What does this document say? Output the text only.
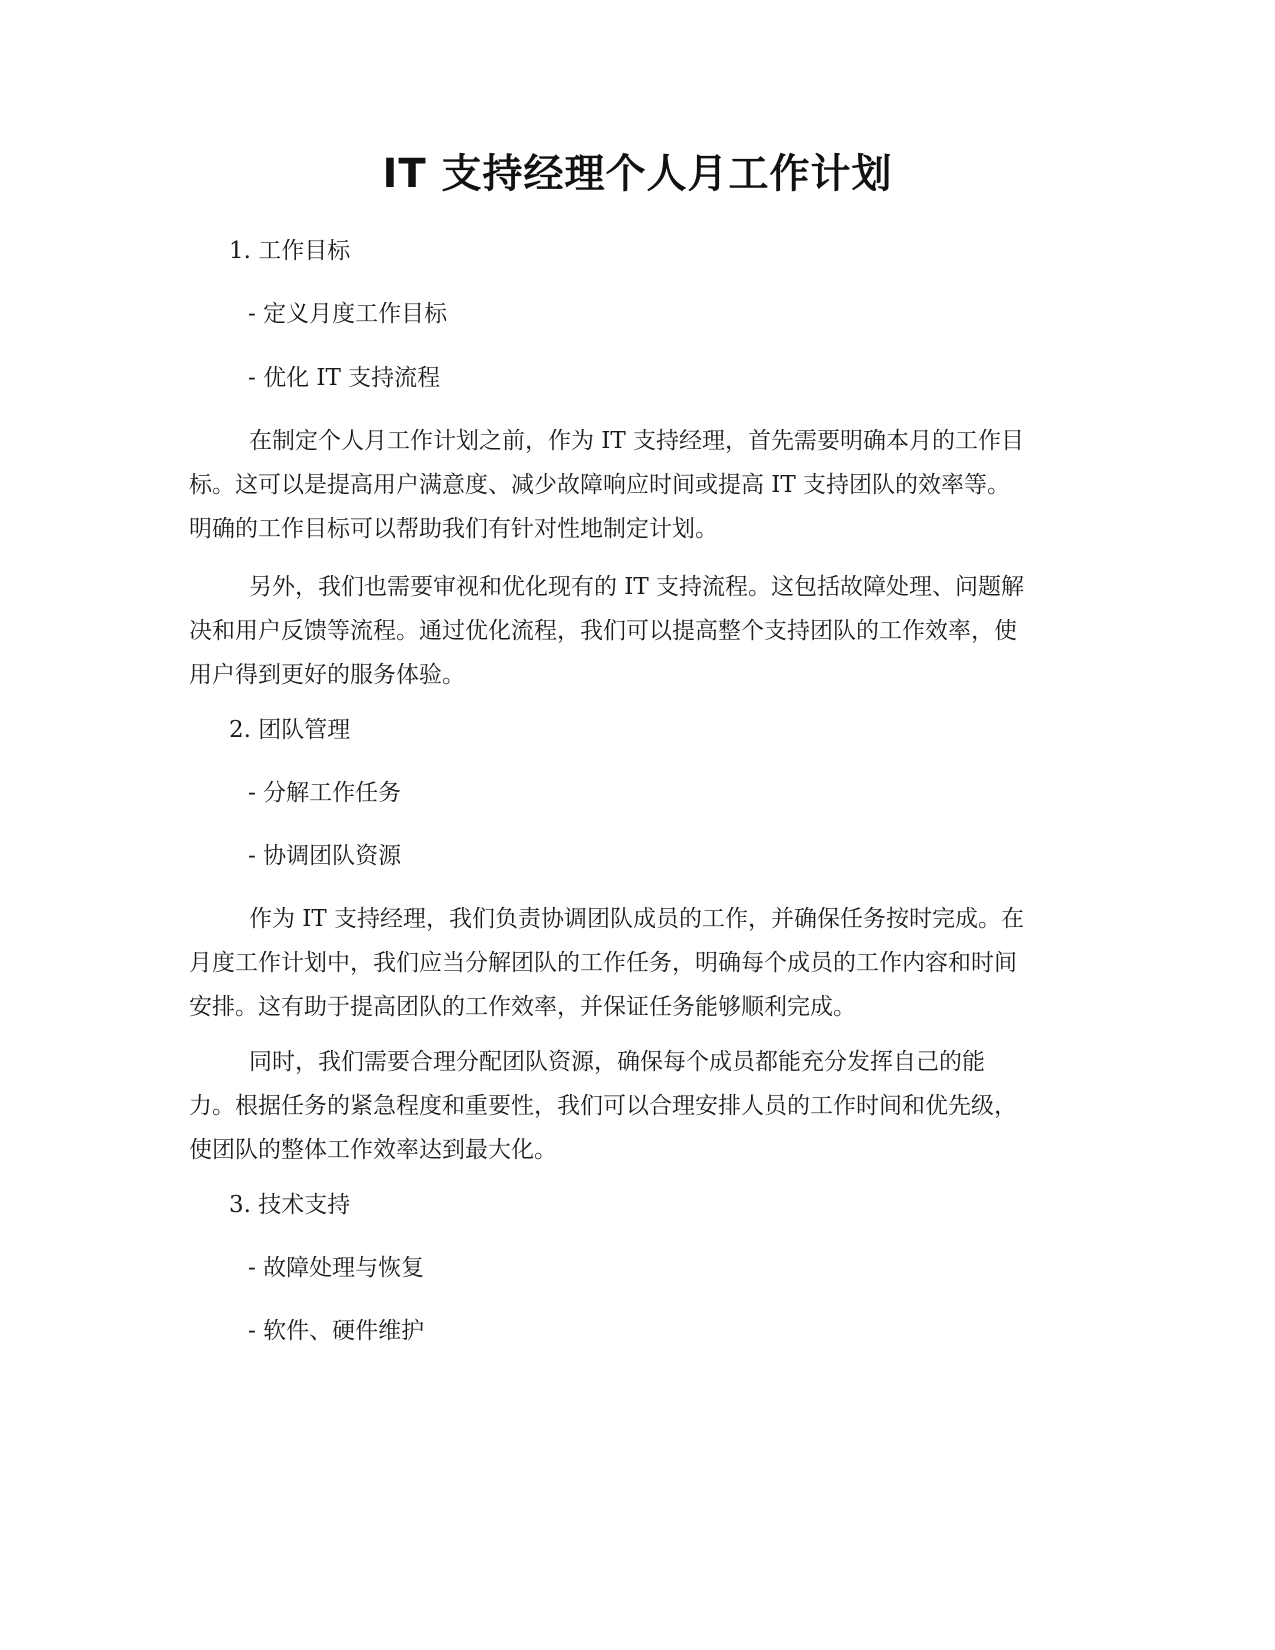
IT 支持经理个人月工作计划

1. 工作目标

- 定义月度工作目标

- 优化 IT 支持流程

在制定个人月工作计划之前，作为 IT 支持经理，首先需要明确本月的工作目
标。这可以是提高用户满意度、减少故障响应时间或提高 IT 支持团队的效率等。
明确的工作目标可以帮助我们有针对性地制定计划。
另外，我们也需要审视和优化现有的 IT 支持流程。这包括故障处理、问题解
决和用户反馈等流程。通过优化流程，我们可以提高整个支持团队的工作效率，使
用户得到更好的服务体验。

2. 团队管理

- 分解工作任务

- 协调团队资源

作为 IT 支持经理，我们负责协调团队成员的工作，并确保任务按时完成。在
月度工作计划中，我们应当分解团队的工作任务，明确每个成员的工作内容和时间
安排。这有助于提高团队的工作效率，并保证任务能够顺利完成。
同时，我们需要合理分配团队资源，确保每个成员都能充分发挥自己的能
力。根据任务的紧急程度和重要性，我们可以合理安排人员的工作时间和优先级，
使团队的整体工作效率达到最大化。

3. 技术支持

- 故障处理与恢复

- 软件、硬件维护
